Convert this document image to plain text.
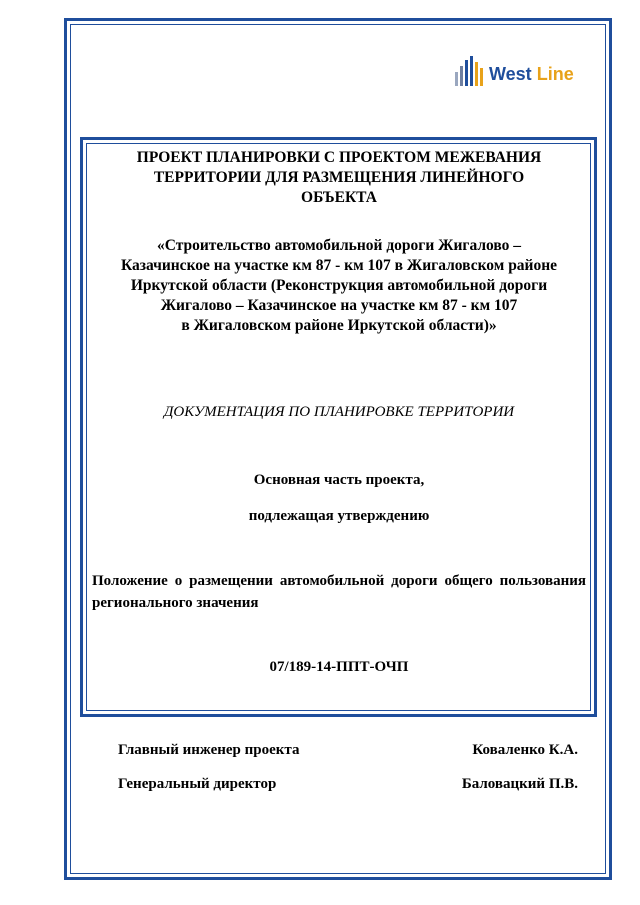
West Line
ПРОЕКТ ПЛАНИРОВКИ С ПРОЕКТОМ МЕЖЕВАНИЯ
ТЕРРИТОРИИ ДЛЯ РАЗМЕЩЕНИЯ ЛИНЕЙНОГО
ОБЪЕКТА
«Строительство автомобильной дороги Жигалово –
Казачинское на участке км 87 - км 107 в Жигаловском районе
Иркутской области (Реконструкция автомобильной дороги
Жигалово – Казачинское на участке км 87 - км 107
в Жигаловском районе Иркутской области)»
ДОКУМЕНТАЦИЯ ПО ПЛАНИРОВКЕ ТЕРРИТОРИИ
Основная часть проекта,
подлежащая утверждению
Положение о размещении автомобильной дороги общего пользования регионального значения
07/189-14-ППТ-ОЧП
Главный инженер проекта	Коваленко К.А.
Генеральный директор	Баловацкий П.В.
